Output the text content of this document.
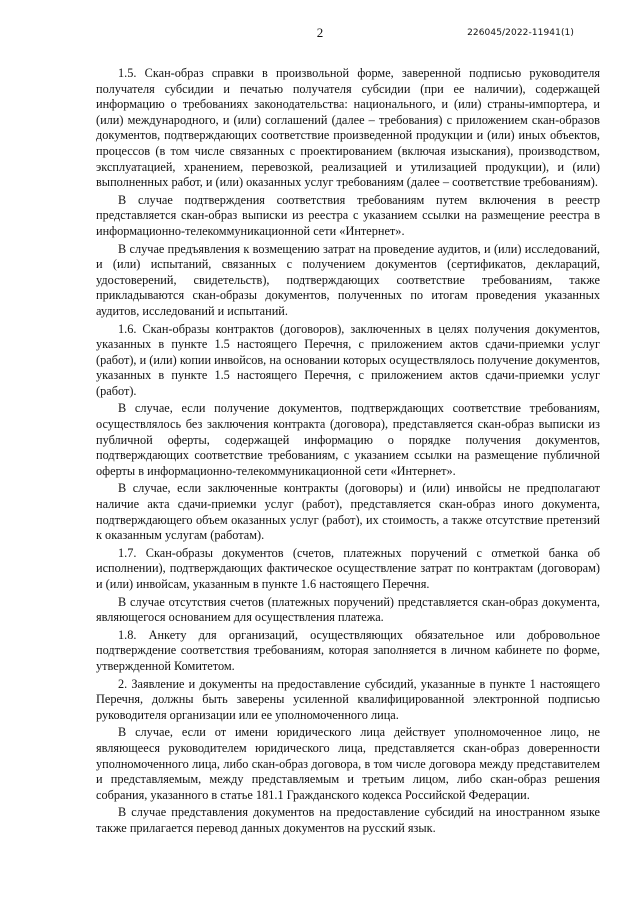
2	226045/2022-11941(1)

1.5. Скан-образ справки в произвольной форме, заверенной подписью руководителя получателя субсидии и печатью получателя субсидии (при ее наличии), содержащей информацию о требованиях законодательства: национального, и (или) страны-импортера, и (или) международного, и (или) соглашений (далее – требования) с приложением скан-образов документов, подтверждающих соответствие произведенной продукции и (или) иных объектов, процессов (в том числе связанных с проектированием (включая изыскания), производством, эксплуатацией, хранением, перевозкой, реализацией и утилизацией продукции), и (или) выполненных работ, и (или) оказанных услуг требованиям (далее – соответствие требованиям).

В случае подтверждения соответствия требованиям путем включения в реестр представляется скан-образ выписки из реестра с указанием ссылки на размещение реестра в информационно-телекоммуникационной сети «Интернет».

В случае предъявления к возмещению затрат на проведение аудитов, и (или) исследований, и (или) испытаний, связанных с получением документов (сертификатов, деклараций, удостоверений, свидетельств), подтверждающих соответствие требованиям, также прикладываются скан-образы документов, полученных по итогам проведения указанных аудитов, исследований и испытаний.

1.6. Скан-образы контрактов (договоров), заключенных в целях получения документов, указанных в пункте 1.5 настоящего Перечня, с приложением актов сдачи-приемки услуг (работ), и (или) копии инвойсов, на основании которых осуществлялось получение документов, указанных в пункте 1.5 настоящего Перечня, с приложением актов сдачи-приемки услуг (работ).

В случае, если получение документов, подтверждающих соответствие требованиям, осуществлялось без заключения контракта (договора), представляется скан-образ выписки из публичной оферты, содержащей информацию о порядке получения документов, подтверждающих соответствие требованиям, с указанием ссылки на размещение публичной оферты в информационно-телекоммуникационной сети «Интернет».

В случае, если заключенные контракты (договоры) и (или) инвойсы не предполагают наличие акта сдачи-приемки услуг (работ), представляется скан-образ иного документа, подтверждающего объем оказанных услуг (работ), их стоимость, а также отсутствие претензий к оказанным услугам (работам).

1.7. Скан-образы документов (счетов, платежных поручений с отметкой банка об исполнении), подтверждающих фактическое осуществление затрат по контрактам (договорам) и (или) инвойсам, указанным в пункте 1.6 настоящего Перечня.

В случае отсутствия счетов (платежных поручений) представляется скан-образ документа, являющегося основанием для осуществления платежа.

1.8. Анкету для организаций, осуществляющих обязательное или добровольное подтверждение соответствия требованиям, которая заполняется в личном кабинете по форме, утвержденной Комитетом.

2. Заявление и документы на предоставление субсидий, указанные в пункте 1 настоящего Перечня, должны быть заверены усиленной квалифицированной электронной подписью руководителя организации или ее уполномоченного лица.

В случае, если от имени юридического лица действует уполномоченное лицо, не являющееся руководителем юридического лица, представляется скан-образ доверенности уполномоченного лица, либо скан-образ договора, в том числе договора между представителем и представляемым, между представляемым и третьим лицом, либо скан-образ решения собрания, указанного в статье 181.1 Гражданского кодекса Российской Федерации.

В случае представления документов на предоставление субсидий на иностранном языке также прилагается перевод данных документов на русский язык.
